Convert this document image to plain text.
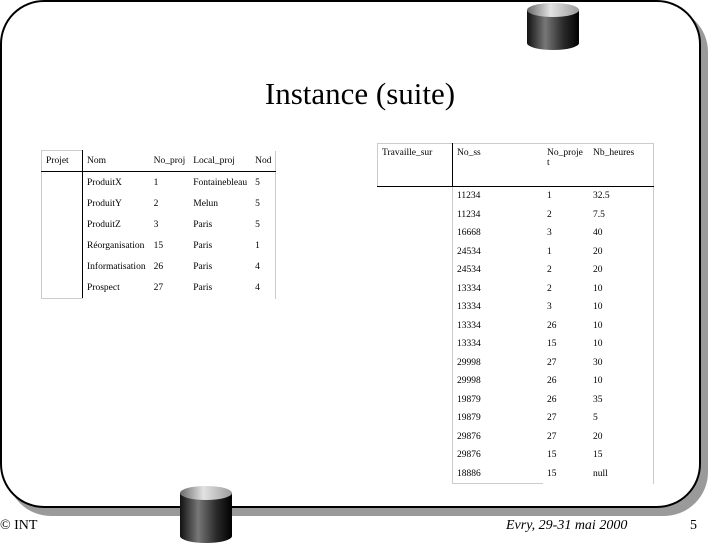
Instance (suite)
Projet	Nom	No_proj	Local_proj	Nod
	ProduitX	1	Fontainebleau	5
	ProduitY	2	Melun	5
	ProduitZ	3	Paris	5
	Réorganisation	15	Paris	1
	Informatisation	26	Paris	4
	Prospect	27	Paris	4
Travaille_sur	No_ss	No_projet	Nb_heures
	11234	1	32.5
	11234	2	7.5
	16668	3	40
	24534	1	20
	24534	2	20
	13334	2	10
	13334	3	10
	13334	26	10
	13334	15	10
	29998	27	30
	29998	26	10
	19879	26	35
	19879	27	5
	29876	27	20
	29876	15	15
	18886	15	null
© INT	Evry, 29-31 mai 2000	5
